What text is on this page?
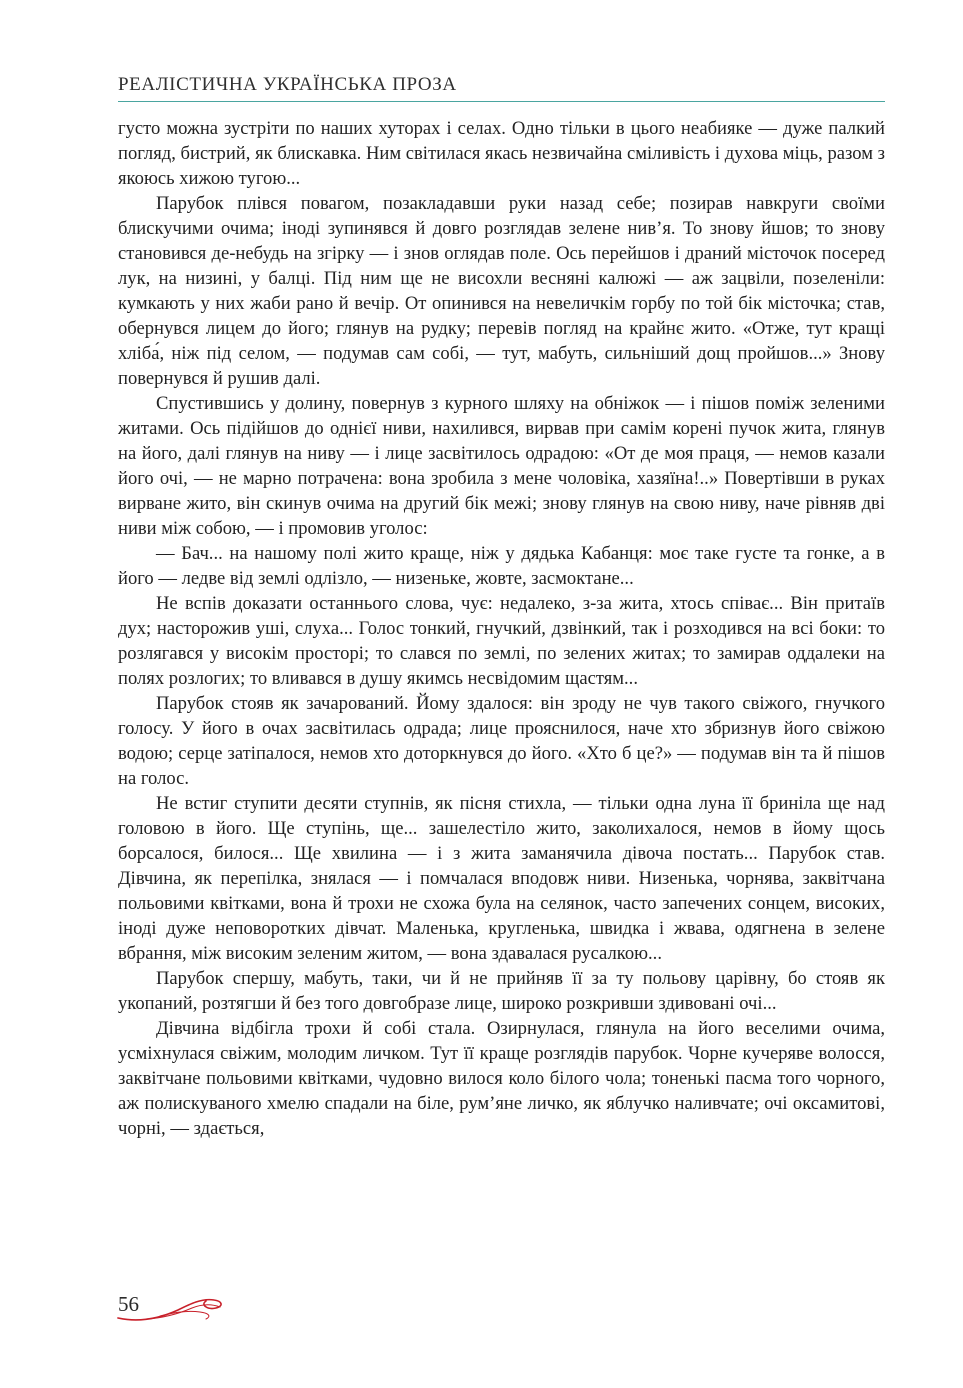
РЕАЛІСТИЧНА УКРАЇНСЬКА ПРОЗА

густо можна зустріти по наших хуторах і селах. Одно тільки в цього неабияке — дуже палкий погляд, бистрий, як блискавка. Ним світилася якась незвичайна сміливість і духова міць, разом з якоюсь хижою тугою...

Парубок плівся повагом, позакладавши руки назад себе; позирав навкруги своїми блискучими очима; іноді зупинявся й довго розглядав зелене нив’я. То знову йшов; то знову становився де-небудь на згірку — і знов оглядав поле. Ось перейшов і драний місточок посеред лук, на низині, у балці. Під ним ще не висохли весняні калюжі — аж зацвіли, позеленіли: кумкають у них жаби рано й вечір. От опинився на невеличкім горбу по той бік місточка; став, обернувся лицем до його; глянув на рудку; перевів погляд на крайнє жито. «Отже, тут кращі хліба́, ніж під селом, — подумав сам собі, — тут, мабуть, сильніший дощ пройшов...» Знову повернувся й рушив далі.

Спустившись у долину, повернув з курного шляху на обніжок — і пішов поміж зеленими житами. Ось підійшов до однієї ниви, нахилився, вирвав при самім корені пучок жита, глянув на його, далі глянув на ниву — і лице засвітилось одрадою: «От де моя праця, — немов казали його очі, — не марно потрачена: вона зробила з мене чоловіка, хазяїна!..» Повертівши в руках вирване жито, він скинув очима на другий бік межі; знову глянув на свою ниву, наче рівняв дві ниви між собою, — і промовив уголос:

— Бач... на нашому полі жито краще, ніж у дядька Кабанця: моє таке густе та гонке, а в його — ледве від землі одлізло, — низеньке, жовте, засмоктане...

Не вспів доказати останнього слова, чує: недалеко, з-за жита, хтось співає... Він притаїв дух; насторожив уші, слуха... Голос тонкий, гнучкий, дзвінкий, так і розходився на всі боки: то розлягався у високім просторі; то слався по землі, по зелених житах; то замирав оддалеки на полях розлогих; то вливався в душу якимсь несвідомим щастям...

Парубок стояв як зачарований. Йому здалося: він зроду не чув такого свіжого, гнучкого голосу. У його в очах засвітилась одрада; лице прояснилося, наче хто збризнув його свіжою водою; серце затіпалося, немов хто доторкнувся до його. «Хто б це?» — подумав він та й пішов на голос.

Не встиг ступити десяти ступнів, як пісня стихла, — тільки одна луна її бриніла ще над головою в його. Ще ступінь, ще... зашелестіло жито, заколихалося, немов в йому щось борсалося, билося... Ще хвилина — і з жита заманячила дівоча постать... Парубок став. Дівчина, як перепілка, знялася — і помчалася вподовж ниви. Низенька, чорнява, заквітчана польовими квітками, вона й трохи не схожа була на селянок, часто запечених сонцем, високих, іноді дуже неповоротких дівчат. Маленька, кругленька, швидка і жвава, одягнена в зелене вбрання, між високим зеленим житом, — вона здавалася русалкою...

Парубок спершу, мабуть, таки, чи й не прийняв її за ту польову царівну, бо стояв як укопаний, розтягши й без того довгобразе лице, широко розкривши здивовані очі...

Дівчина відбігла трохи й собі стала. Озирнулася, глянула на його веселими очима, усміхнулася свіжим, молодим личком. Тут її краще розглядів парубок. Чорне кучеряве волосся, заквітчане польовими квітками, чудовно вилося коло білого чола; тоненькі пасма того чорного, аж полискуваного хмелю спадали на біле, рум’яне личко, як яблучко наливчате; очі оксамитові, чорні, — здається,

56
